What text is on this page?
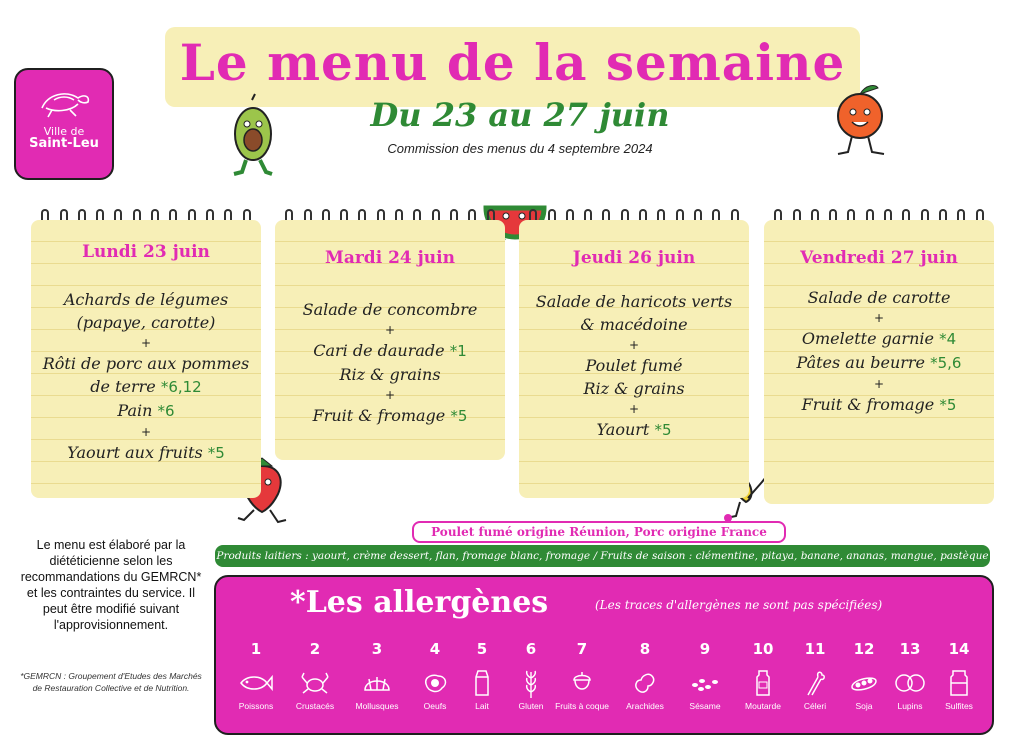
Ville de
Saint-Leu
Le menu de la semaine
Du 23 au 27 juin
Commission des menus du 4 septembre 2024
Lundi 23 juin
Achards de légumes
(papaye, carotte)
+
Rôti de porc aux pommes
de terre *6,12
Pain *6
+
Yaourt aux fruits *5
Mardi 24 juin
Salade de concombre
+
Cari de daurade *1
Riz & grains
+
Fruit & fromage *5
Jeudi 26 juin
Salade de haricots verts
& macédoine
+
Poulet fumé
Riz & grains
+
Yaourt *5
Vendredi 27 juin
Salade de carotte
+
Omelette garnie *4
Pâtes au beurre *5,6
+
Fruit & fromage *5
Poulet fumé origine Réunion, Porc origine France
Produits laitiers : yaourt, crème dessert, flan, fromage blanc, fromage / Fruits de saison : clémentine, pitaya, banane, ananas, mangue, pastèque
Le menu est élaboré par la diététicienne selon les recommandations du GEMRCN* et les contraintes du service. Il peut être modifié suivant l'approvisionnement.
*GEMRCN : Groupement d'Etudes des Marchés de Restauration Collective et de Nutrition.
*Les allergènes	(Les traces d'allergènes ne sont pas spécifiées)
1
Poissons
2
Crustacés
3
Mollusques
4
Oeufs
5
Lait
6
Gluten
7
Fruits à coque
8
Arachides
9
Sésame
10
Moutarde
11
Céleri
12
Soja
13
Lupins
14
Sulfites
